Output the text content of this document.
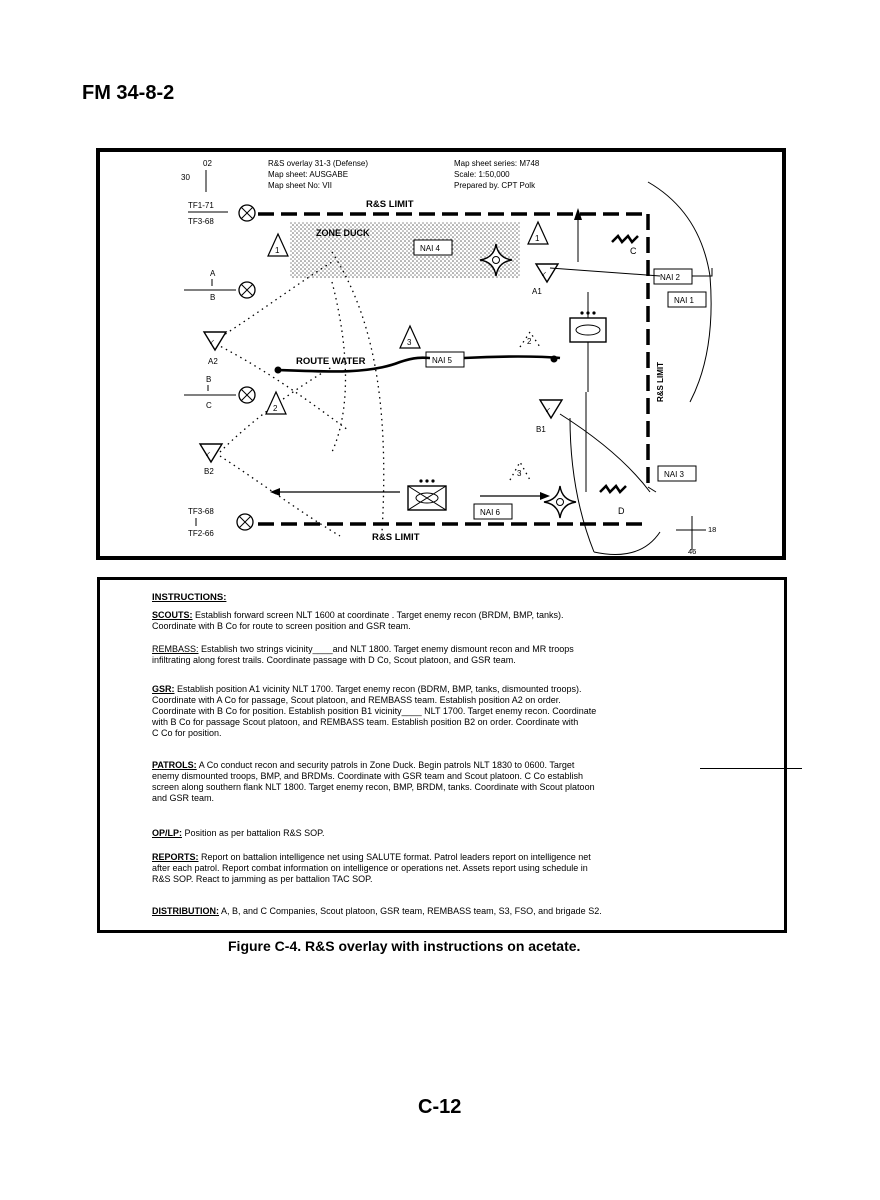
FM 34-8-2
02
30
TF1-71
TF3-68
A
B
B
C
TF3-68
TF2-66
R&S overlay 31-3 (Defense)
Map sheet: AUSGABE
Map sheet No: VII
Map sheet series: M748
Scale: 1:50,000
Prepared by. CPT Polk
R&S LIMIT
R&S LIMIT
R&S LIMIT
ZONE DUCK
NAI 4
NAI 2
NAI 1
NAI 5
NAI 3
NAI 6
ROUTE WATER
↙
A1
↙
A2
↙
B1
↙
B2
1
1
2
2
3
3
C
D
18
46
INSTRUCTIONS:
SCOUTS: Establish forward screen NLT 1600 at coordinate . Target enemy recon (BRDM, BMP, tanks).
Coordinate with B Co for route to screen position and GSR team.
REMBASS: Establish two strings vicinity____and NLT 1800. Target enemy dismount recon and MR troops
infiltrating along forest trails. Coordinate passage with D Co, Scout platoon, and GSR team.
GSR: Establish position A1 vicinity NLT 1700. Target enemy recon (BDRM, BMP, tanks, dismounted troops).
Coordinate with A Co for passage, Scout platoon, and REMBASS team. Establish position A2 on order.
Coordinate with B Co for position. Establish position B1 vicinity____ NLT 1700. Target enemy recon. Coordinate
with B Co for passage Scout platoon, and REMBASS team. Establish position B2 on order. Coordinate with
C Co for position.
PATROLS: A Co conduct recon and security patrols in Zone Duck. Begin patrols NLT 1830 to 0600. Target
enemy dismounted troops, BMP, and BRDMs. Coordinate with GSR team and Scout platoon. C Co establish
screen along southern flank NLT 1800. Target enemy recon, BMP, BRDM, tanks. Coordinate with Scout platoon
and GSR team.
OP/LP: Position as per battalion R&S SOP.
REPORTS: Report on battalion intelligence net using SALUTE format. Patrol leaders report on intelligence net
after each patrol. Report combat information on intelligence or operations net. Assets report using schedule in
R&S SOP. React to jamming as per battalion TAC SOP.
DISTRIBUTION: A, B, and C Companies, Scout platoon, GSR team, REMBASS team, S3, FSO, and brigade S2.
Figure C-4. R&S overlay with instructions on acetate.
C-12
